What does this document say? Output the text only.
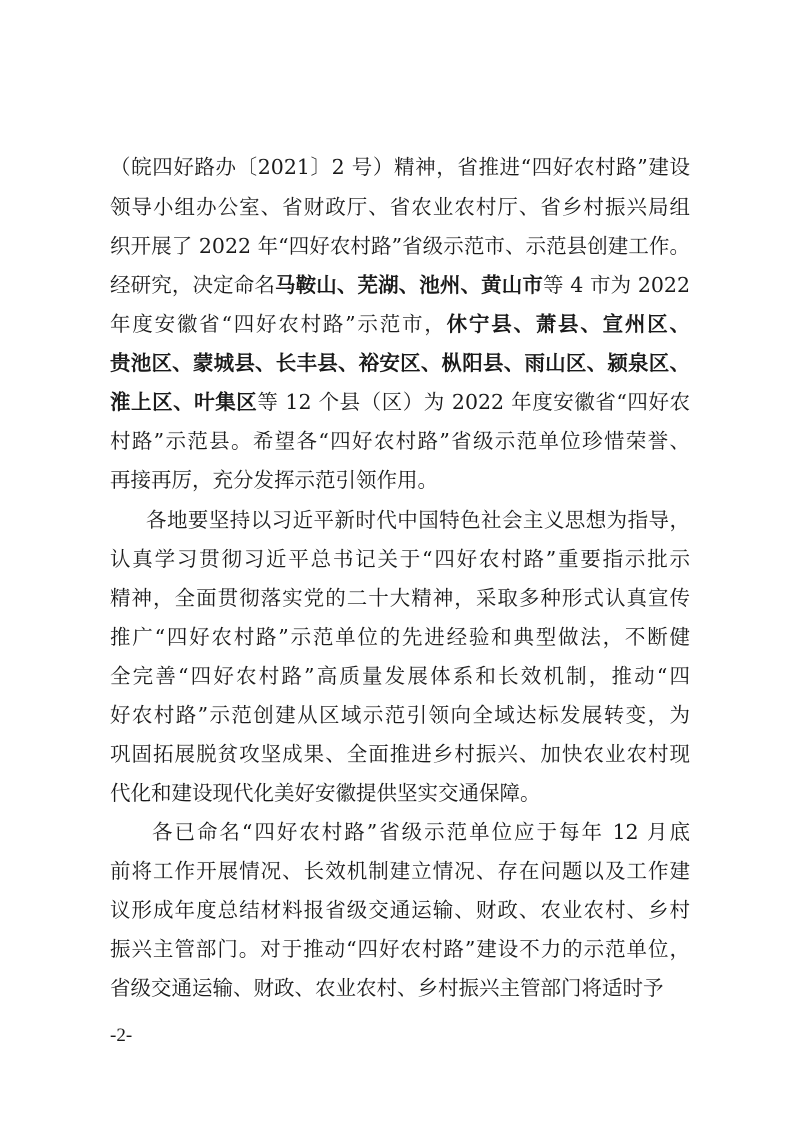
（皖四好路办〔2021〕2 号）精神，省推进“四好农村路”建设
领导小组办公室、省财政厅、省农业农村厅、省乡村振兴局组
织开展了 2022 年“四好农村路”省级示范市、示范县创建工作。
经研究，决定命名马鞍山、芜湖、池州、黄山市等 4 市为 2022
年度安徽省“四好农村路”示范市，休宁县、萧县、宣州区、
贵池区、蒙城县、长丰县、裕安区、枞阳县、雨山区、颍泉区、
淮上区、叶集区等 12 个县（区）为 2022 年度安徽省“四好农
村路”示范县。希望各“四好农村路”省级示范单位珍惜荣誉、
再接再厉，充分发挥示范引领作用。
各地要坚持以习近平新时代中国特色社会主义思想为指导，
认真学习贯彻习近平总书记关于“四好农村路”重要指示批示
精神，全面贯彻落实党的二十大精神，采取多种形式认真宣传
推广“四好农村路”示范单位的先进经验和典型做法，不断健
全完善“四好农村路”高质量发展体系和长效机制，推动“四
好农村路”示范创建从区域示范引领向全域达标发展转变，为
巩固拓展脱贫攻坚成果、全面推进乡村振兴、加快农业农村现
代化和建设现代化美好安徽提供坚实交通保障。
各已命名“四好农村路”省级示范单位应于每年 12 月底
前将工作开展情况、长效机制建立情况、存在问题以及工作建
议形成年度总结材料报省级交通运输、财政、农业农村、乡村
振兴主管部门。对于推动“四好农村路”建设不力的示范单位，
省级交通运输、财政、农业农村、乡村振兴主管部门将适时予
-2-
